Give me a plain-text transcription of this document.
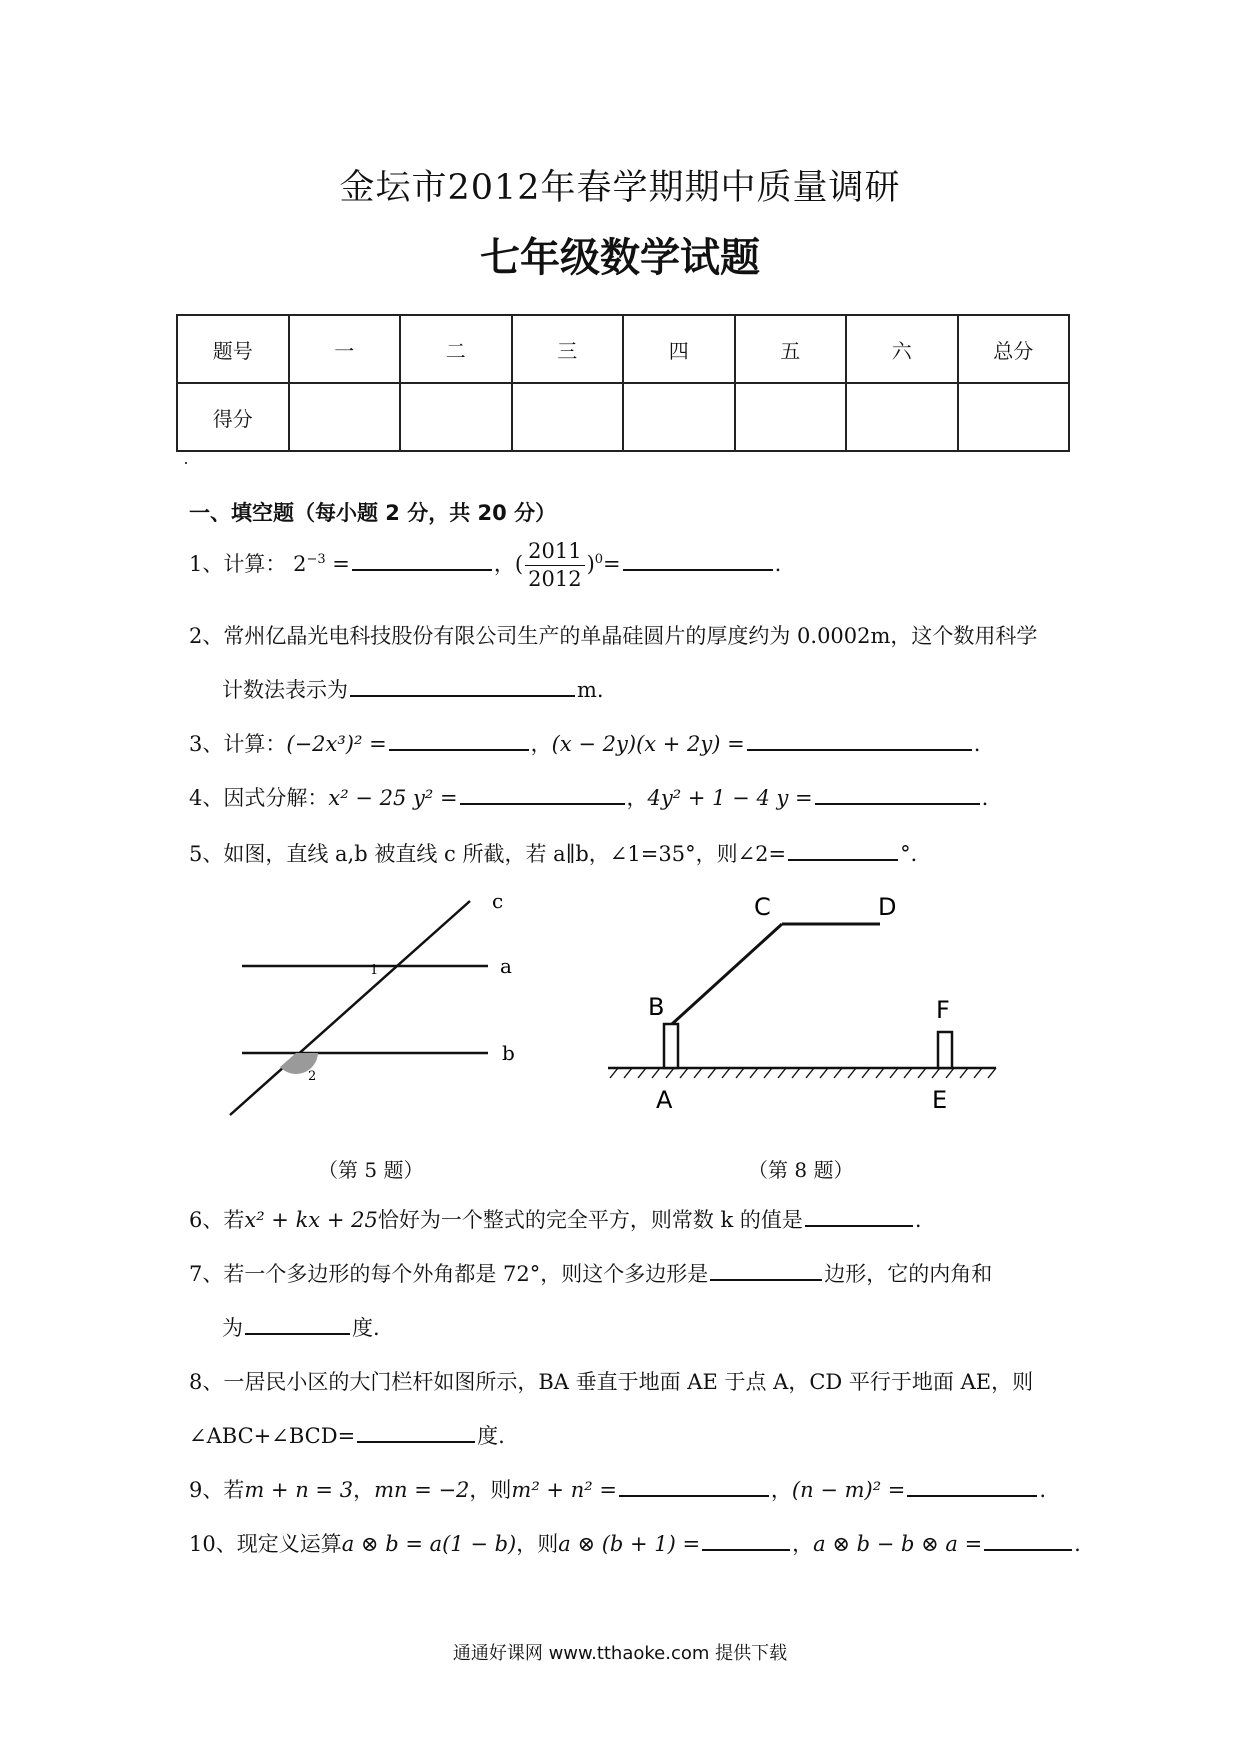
金坛市2012年春学期期中质量调研
七年级数学试题
题号	一	二	三	四	五	六	总分
得分							
一、填空题（每小题 2 分，共 20 分）
1、计算： $2^{-3}$ =	，( $\frac{2011}{2012} )^0=$	.
2、常州亿晶光电科技股份有限公司生产的单晶硅圆片的厚度约为 0.0002m，这个数用科学
计数法表示为	m.
3、计算：(−2x³)² =	，(x − 2y)(x + 2y) =	.
4、因式分解：x² − 25 y² =	，4y² + 1 − 4 y =	.
5、如图，直线 a,b 被直线 c 所截，若 a∥b，∠1=35°，则∠2=	°．
c
a
b
1
2
（第 5 题）
B
C	D
F
A	E
（第 8 题）
6、若x² + kx + 25恰好为一个整式的完全平方，则常数 k 的值是	.
7、若一个多边形的每个外角都是 72°，则这个多边形是	边形，它的内角和
为	度.
8、一居民小区的大门栏杆如图所示，BA 垂直于地面 AE 于点 A，CD 平行于地面 AE，则
∠ABC+∠BCD=	度.
9、若m + n = 3，mn = −2，则m² + n² =	，(n − m)² =	.
10、现定义运算a ⊗ b = a(1 − b)，则a ⊗ (b + 1) =	，a ⊗ b − b ⊗ a =	.
通通好课网 www.tthaoke.com 提供下载
